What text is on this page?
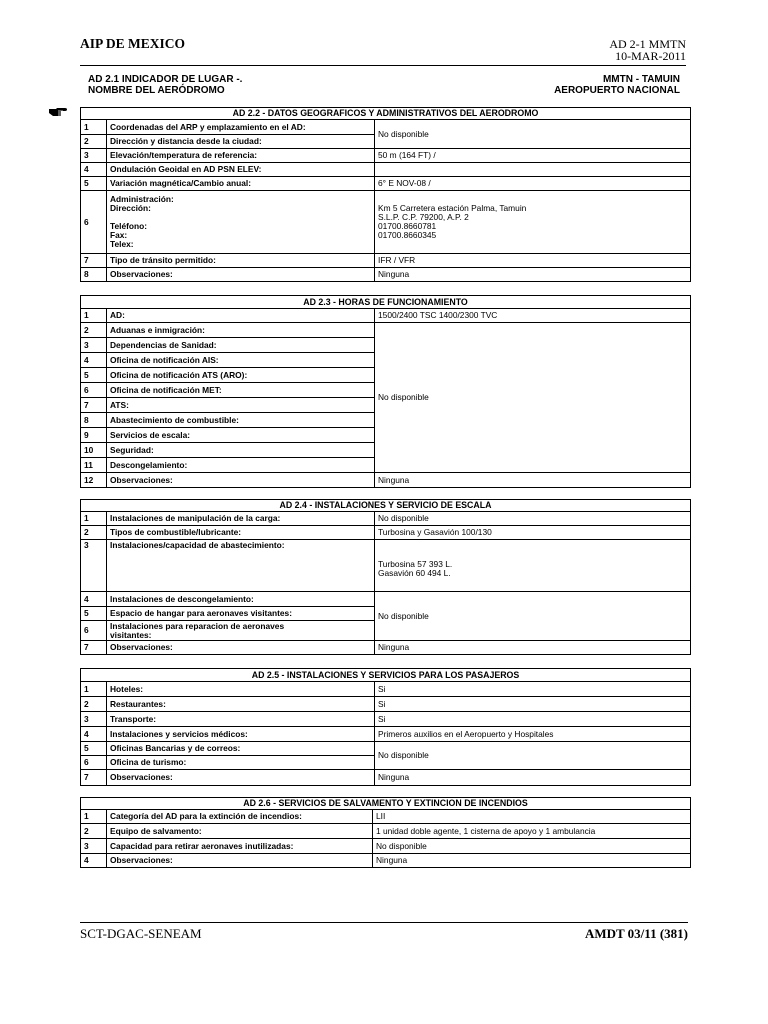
AIP DE MEXICO	AD 2-1 MMTN
10-MAR-2011
AD 2.1 INDICADOR DE LUGAR -.
NOMBRE DEL AERÓDROMO
MMTN - TAMUIN
AEROPUERTO NACIONAL
AD 2.2 - DATOS GEOGRAFICOS Y ADMINISTRATIVOS DEL AERODROMO		
1	Coordenadas del ARP y emplazamiento en el AD:	No disponible
2	Dirección y distancia desde la ciudad:	
3	Elevación/temperatura de referencia:	50 m (164 FT) /
4	Ondulación Geoidal en AD PSN ELEV:	
5	Variación magnética/Cambio anual:	6° E NOV-08 /
6	Administración:
Dirección:
Teléfono:
Fax:
Telex:	Km 5 Carretera estación Palma, Tamuin
S.L.P. C.P. 79200, A.P. 2
01700.8660781
01700.8660345

7	Tipo de tránsito permitido:	IFR / VFR
8	Observaciones:	Ninguna
AD 2.3 - HORAS DE FUNCIONAMIENTO		
1	AD:	1500/2400 TSC 1400/2300 TVC
2	Aduanas e inmigración:	No disponible
3	Dependencias de Sanidad:	
4	Oficina de notificación AIS:	
5	Oficina de notificación ATS (ARO):	
6	Oficina de notificación MET:	
7	ATS:	
8	Abastecimiento de combustible:	
9	Servicios de escala:	
10	Seguridad:	
11	Descongelamiento:	
12	Observaciones:	Ninguna
AD 2.4 - INSTALACIONES Y SERVICIO DE ESCALA		
1	Instalaciones de manipulación de la carga:	No disponible
2	Tipos de combustible/lubricante:	Turbosina y Gasavión 100/130
3	Instalaciones/capacidad de abastecimiento:	Turbosina 57 393 L.
Gasavión 60 494 L.

4	Instalaciones de descongelamiento:	No disponible
5	Espacio de hangar para aeronaves visitantes:	
6	Instalaciones para reparacion de aeronaves
visitantes:	

7	Observaciones:	Ninguna
AD 2.5 - INSTALACIONES Y SERVICIOS PARA LOS PASAJEROS		
1	Hoteles:	Si
2	Restaurantes:	Si
3	Transporte:	Si
4	Instalaciones y servicios médicos:	Primeros auxilios en el Aeropuerto y Hospitales
5	Oficinas Bancarias y de correos:	No disponible
6	Oficina de turismo:	
7	Observaciones:	Ninguna
AD 2.6 - SERVICIOS DE SALVAMENTO Y EXTINCION DE INCENDIOS		
1	Categoría del AD para la extinción de incendios:	LII
2	Equipo de salvamento:	1 unidad doble agente, 1 cisterna de apoyo y 1 ambulancia
3	Capacidad para retirar aeronaves inutilizadas:	No disponible
4	Observaciones:	Ninguna
SCT-DGAC-SENEAM	AMDT 03/11 (381)
